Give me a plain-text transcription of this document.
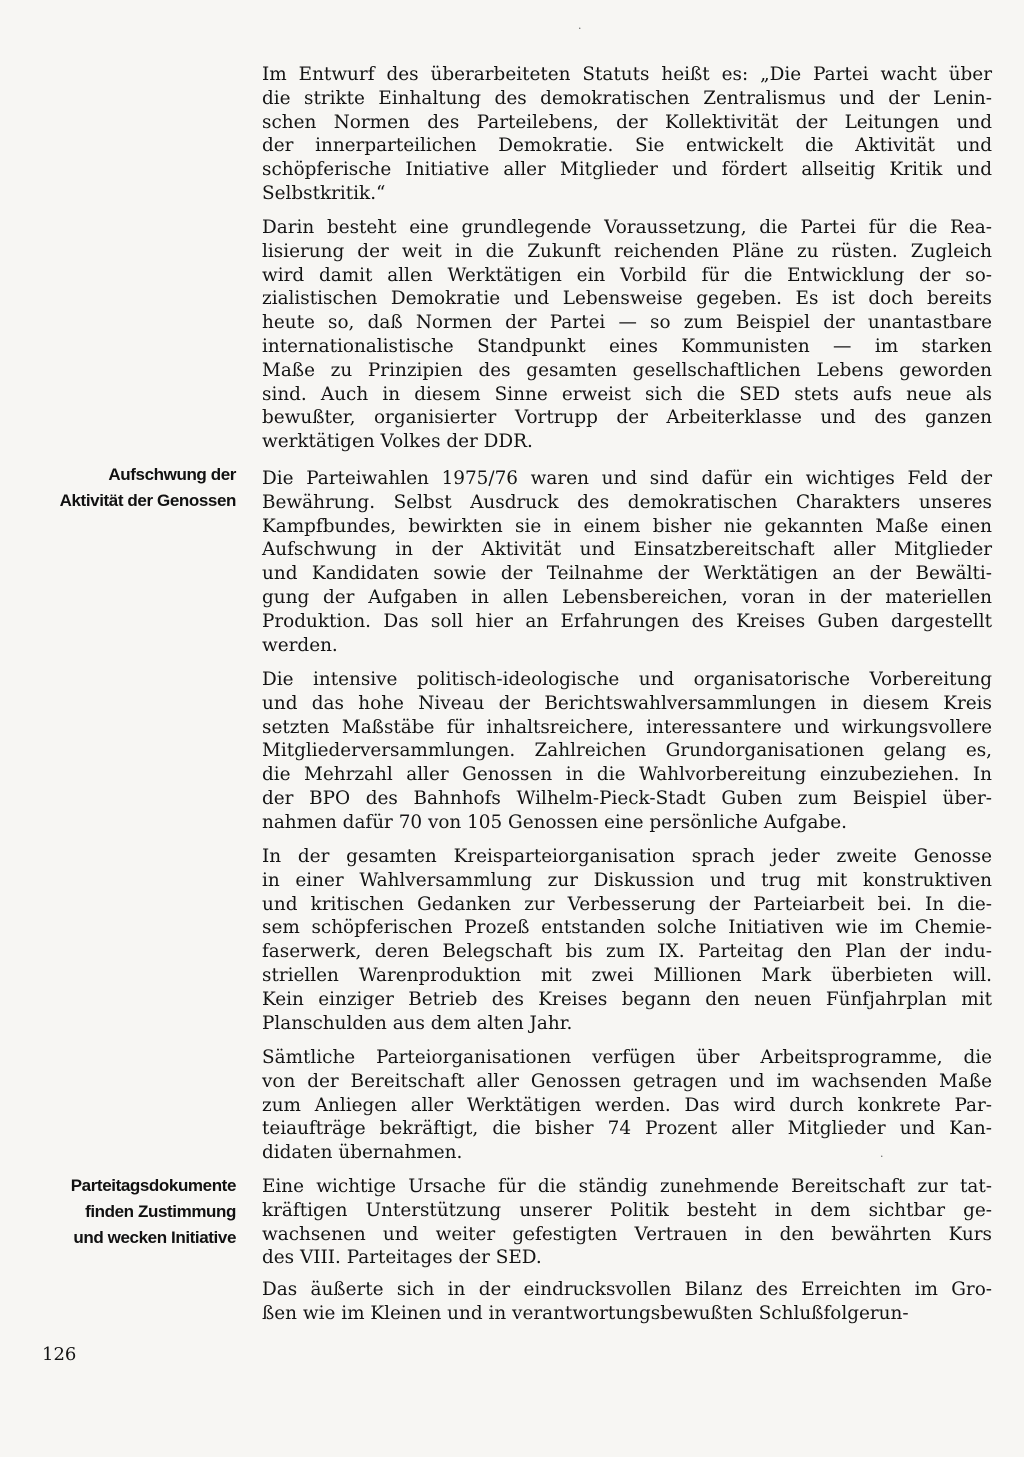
Im Entwurf des überarbeiteten Statuts heißt es: „Die Partei wacht über
die strikte Einhaltung des demokratischen Zentralismus und der Lenin-
schen Normen des Parteilebens, der Kollektivität der Leitungen und
der innerparteilichen Demokratie. Sie entwickelt die Aktivität und
schöpferische Initiative aller Mitglieder und fördert allseitig Kritik und
Selbstkritik.“
Darin besteht eine grundlegende Voraussetzung, die Partei für die Rea-
lisierung der weit in die Zukunft reichenden Pläne zu rüsten. Zugleich
wird damit allen Werktätigen ein Vorbild für die Entwicklung der so-
zialistischen Demokratie und Lebensweise gegeben. Es ist doch bereits
heute so, daß Normen der Partei — so zum Beispiel der unantastbare
internationalistische Standpunkt eines Kommunisten — im starken
Maße zu Prinzipien des gesamten gesellschaftlichen Lebens geworden
sind. Auch in diesem Sinne erweist sich die SED stets aufs neue als
bewußter, organisierter Vortrupp der Arbeiterklasse und des ganzen
werktätigen Volkes der DDR.
Die Parteiwahlen 1975/76 waren und sind dafür ein wichtiges Feld der
Bewährung. Selbst Ausdruck des demokratischen Charakters unseres
Kampfbundes, bewirkten sie in einem bisher nie gekannten Maße einen
Aufschwung in der Aktivität und Einsatzbereitschaft aller Mitglieder
und Kandidaten sowie der Teilnahme der Werktätigen an der Bewälti-
gung der Aufgaben in allen Lebensbereichen, voran in der materiellen
Produktion. Das soll hier an Erfahrungen des Kreises Guben dargestellt
werden.
Die intensive politisch-ideologische und organisatorische Vorbereitung
und das hohe Niveau der Berichtswahlversammlungen in diesem Kreis
setzten Maßstäbe für inhaltsreichere, interessantere und wirkungsvollere
Mitgliederversammlungen. Zahlreichen Grundorganisationen gelang es,
die Mehrzahl aller Genossen in die Wahlvorbereitung einzubeziehen. In
der BPO des Bahnhofs Wilhelm-Pieck-Stadt Guben zum Beispiel über-
nahmen dafür 70 von 105 Genossen eine persönliche Aufgabe.
In der gesamten Kreisparteiorganisation sprach jeder zweite Genosse
in einer Wahlversammlung zur Diskussion und trug mit konstruktiven
und kritischen Gedanken zur Verbesserung der Parteiarbeit bei. In die-
sem schöpferischen Prozeß entstanden solche Initiativen wie im Chemie-
faserwerk, deren Belegschaft bis zum IX. Parteitag den Plan der indu-
striellen Warenproduktion mit zwei Millionen Mark überbieten will.
Kein einziger Betrieb des Kreises begann den neuen Fünfjahrplan mit
Planschulden aus dem alten Jahr.
Sämtliche Parteiorganisationen verfügen über Arbeitsprogramme, die
von der Bereitschaft aller Genossen getragen und im wachsenden Maße
zum Anliegen aller Werktätigen werden. Das wird durch konkrete Par-
teiaufträge bekräftigt, die bisher 74 Prozent aller Mitglieder und Kan-
didaten übernahmen.
Eine wichtige Ursache für die ständig zunehmende Bereitschaft zur tat-
kräftigen Unterstützung unserer Politik besteht in dem sichtbar ge-
wachsenen und weiter gefestigten Vertrauen in den bewährten Kurs
des VIII. Parteitages der SED.
Das äußerte sich in der eindrucksvollen Bilanz des Erreichten im Gro-
ßen wie im Kleinen und in verantwortungsbewußten Schlußfolgerun-
Aufschwung der
Aktivität der Genossen
Parteitagsdokumente
finden Zustimmung
und wecken Initiative
126
·
·
